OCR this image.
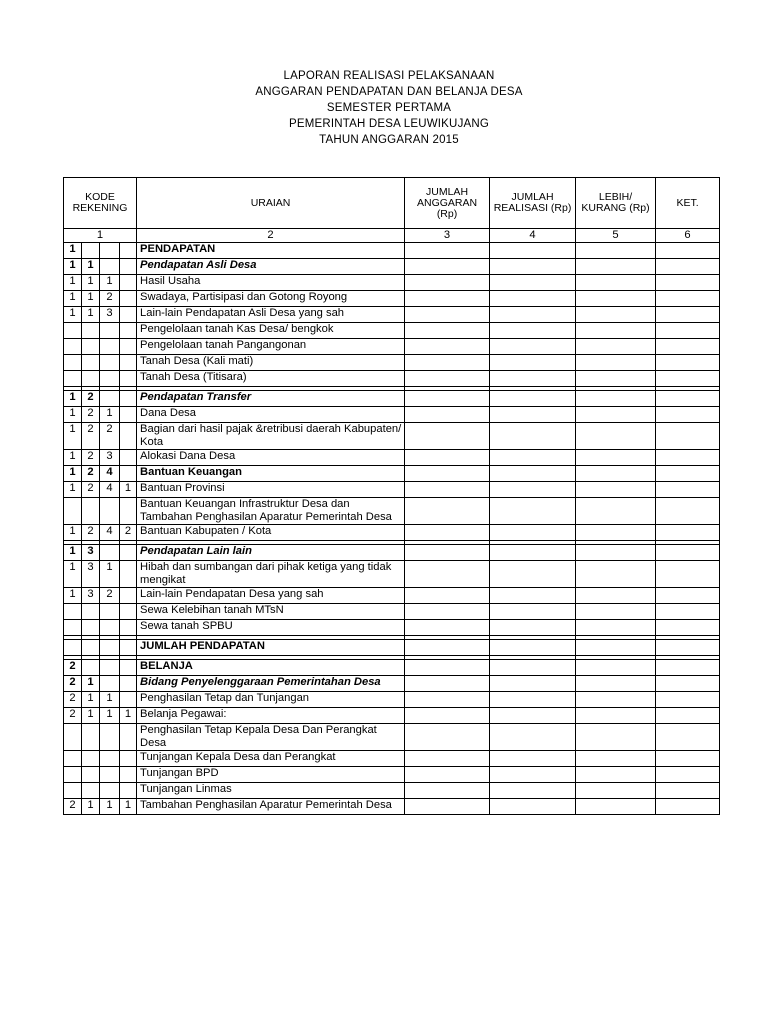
LAPORAN REALISASI PELAKSANAAN
ANGGARAN PENDAPATAN DAN BELANJA DESA
SEMESTER PERTAMA
PEMERINTAH DESA LEUWIKUJANG
TAHUN ANGGARAN 2015
KODE REKENING				URAIAN	JUMLAH ANGGARAN (Rp)	JUMLAH REALISASI (Rp)	LEBIH/ KURANG (Rp)	KET.
1				2	3	4	5	6
1				PENDAPATAN				
1	1			Pendapatan Asli Desa				
1	1	1		Hasil Usaha				
1	1	2		Swadaya, Partisipasi dan Gotong Royong				
1	1	3		Lain-lain Pendapatan Asli Desa yang sah				
				Pengelolaan tanah Kas Desa/ bengkok				
				Pengelolaan tanah Pangangonan				
				Tanah Desa (Kali mati)				
				Tanah Desa (Titisara)				

1	2			Pendapatan Transfer				
1	2	1		Dana Desa				
1	2	2		Bagian dari hasil pajak &retribusi daerah Kabupaten/ Kota				
1	2	3		Alokasi Dana Desa				
1	2	4		Bantuan Keuangan				
1	2	4	1	Bantuan Provinsi				
				Bantuan Keuangan Infrastruktur Desa dan Tambahan Penghasilan Aparatur Pemerintah Desa				
1	2	4	2	Bantuan Kabupaten / Kota				

1	3			Pendapatan Lain lain				
1	3	1		Hibah dan sumbangan dari pihak ketiga yang tidak mengikat				
1	3	2		Lain-lain Pendapatan Desa yang sah				
				Sewa Kelebihan tanah MTsN				
				Sewa tanah SPBU				

				JUMLAH PENDAPATAN				

2				BELANJA				
2	1			Bidang Penyelenggaraan Pemerintahan Desa				
2	1	1		Penghasilan Tetap dan Tunjangan				
2	1	1	1	Belanja Pegawai:				
				Penghasilan Tetap Kepala Desa Dan Perangkat Desa				
				Tunjangan Kepala Desa dan Perangkat				
				Tunjangan BPD				
				Tunjangan Linmas				
2	1	1	1	Tambahan Penghasilan Aparatur Pemerintah Desa				
